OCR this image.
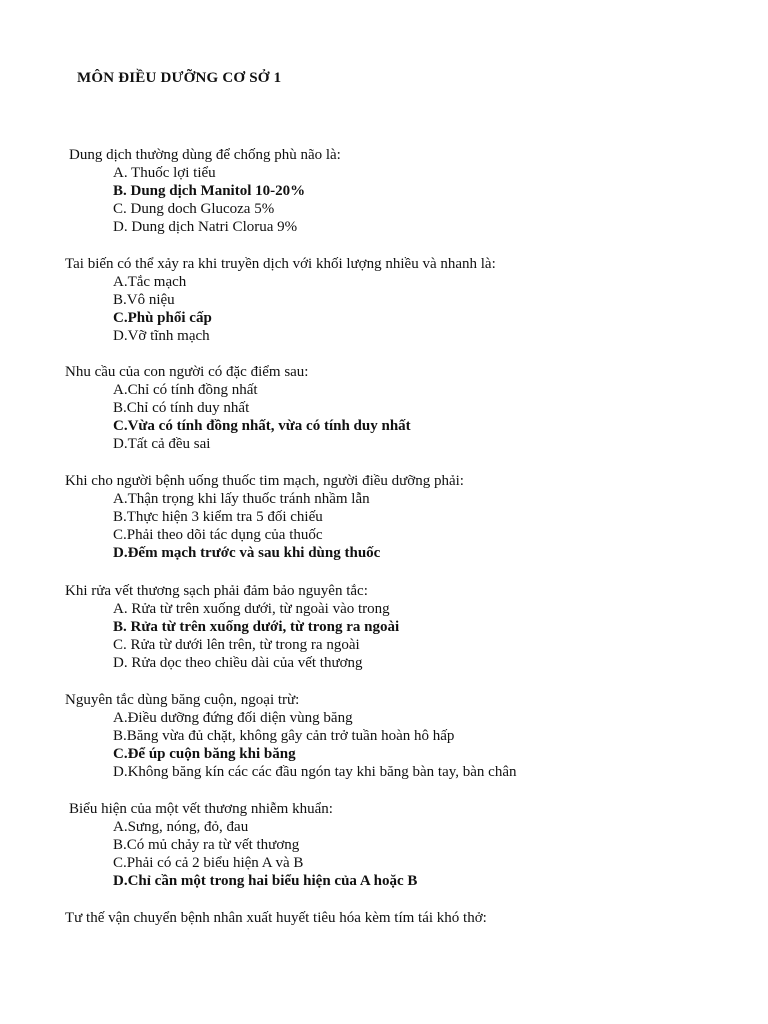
MÔN ĐIỀU DƯỠNG CƠ SỞ 1
Dung dịch thường dùng để chống phù não là:
A. Thuốc lợi tiểu
B. Dung dịch Manitol 10-20%
C. Dung doch Glucoza 5%
D. Dung dịch Natri Clorua 9%
Tai biến có thể xảy ra khi truyền dịch với khối lượng nhiều và nhanh là:
A.Tắc mạch
B.Vô niệu
C.Phù phổi cấp
D.Vỡ tĩnh mạch
Nhu cầu của con người có đặc điểm sau:
A.Chỉ có tính đồng nhất
B.Chỉ có tính duy nhất
C.Vừa có tính đồng nhất, vừa có tính duy nhất
D.Tất cả đều sai
Khi cho người bệnh uống thuốc tim mạch, người điều dưỡng phải:
A.Thận trọng khi lấy thuốc tránh nhầm lẫn
B.Thực hiện 3 kiểm tra 5 đối chiếu
C.Phải theo dõi tác dụng của thuốc
D.Đếm mạch trước và sau khi dùng thuốc
Khi rửa vết thương sạch phải đảm bảo nguyên tắc:
A. Rửa từ trên xuống dưới, từ ngoài vào trong
B. Rửa từ trên xuống dưới, từ trong ra ngoài
C. Rửa từ dưới lên trên, từ trong ra ngoài
D. Rửa dọc theo chiều dài của vết thương
Nguyên tắc dùng băng cuộn, ngoại trừ:
A.Điều dưỡng đứng đối diện vùng băng
B.Băng vừa đủ chặt, không gây cản trở tuần hoàn hô hấp
C.Để úp cuộn băng khi băng
D.Không băng kín các các đầu ngón tay khi băng bàn tay, bàn chân
Biểu hiện của một vết thương nhiễm khuẩn:
A.Sưng, nóng, đỏ, đau
B.Có mủ chảy ra từ vết thương
C.Phải có cả 2 biểu hiện A và B
D.Chỉ cần một trong hai biểu hiện của A hoặc B
Tư thế vận chuyển bệnh nhân xuất huyết tiêu hóa kèm tím tái khó thở:
